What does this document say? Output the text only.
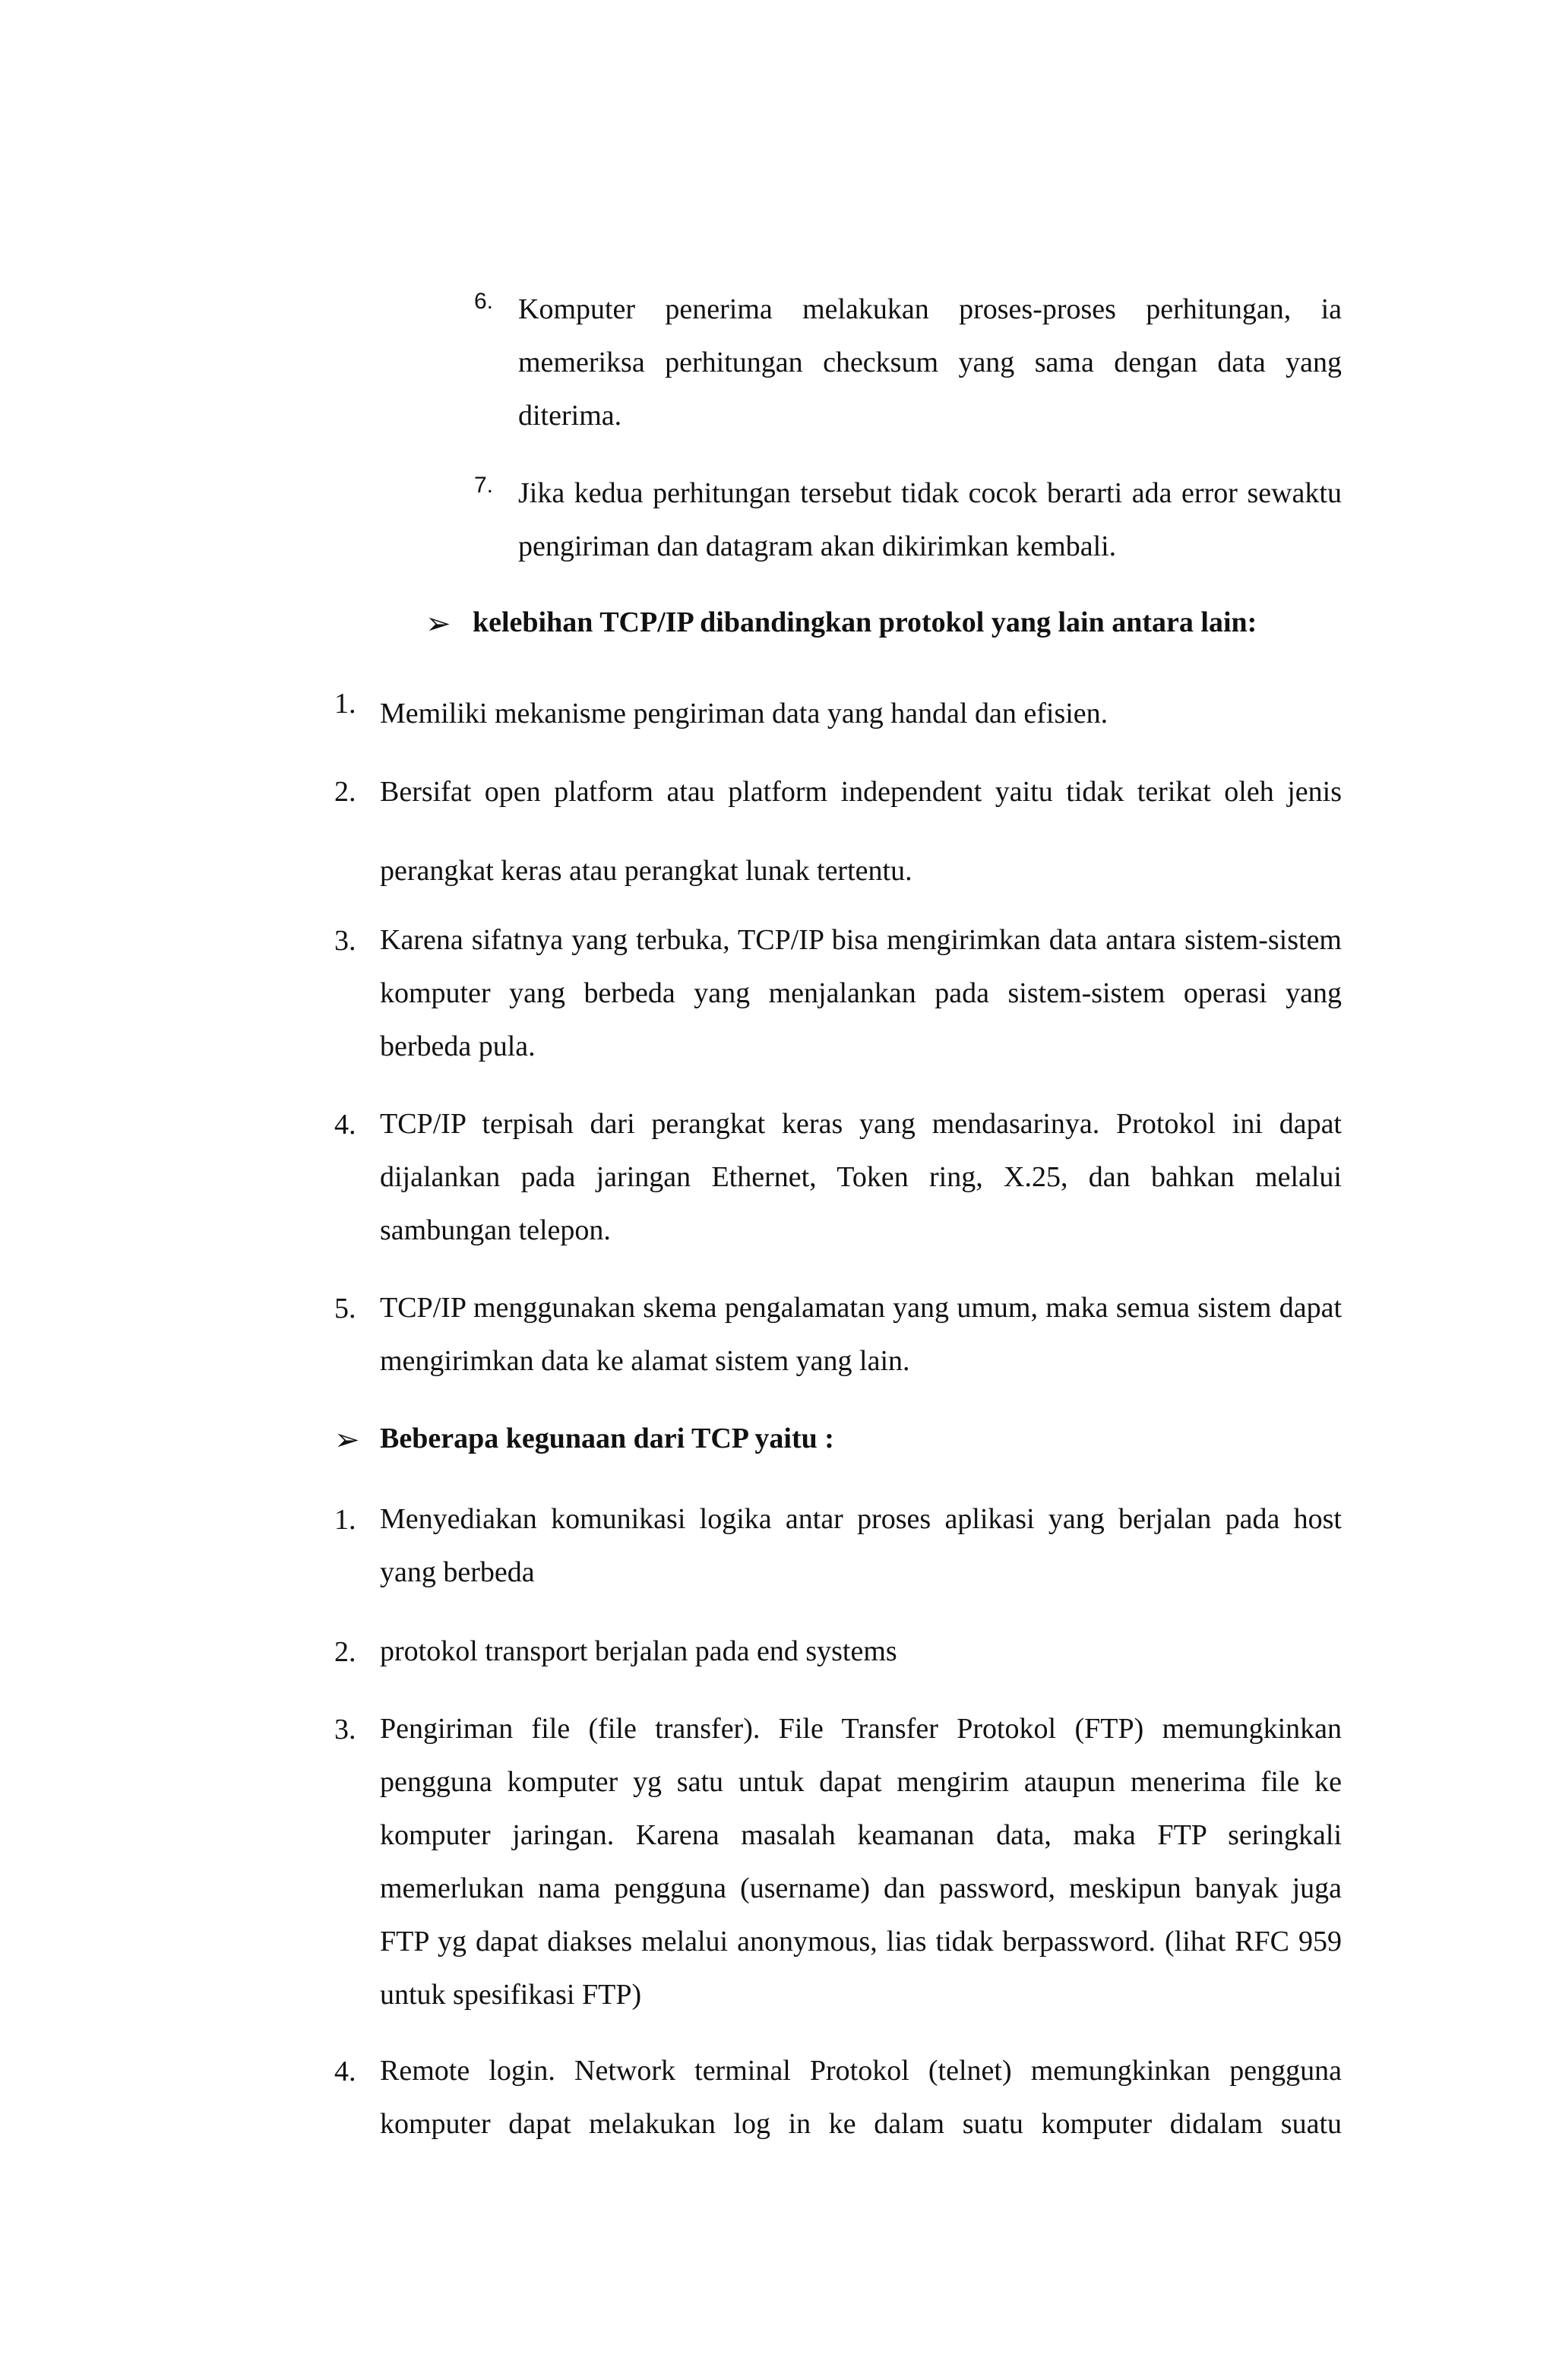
6. Komputer penerima melakukan proses-proses perhitungan, ia memeriksa perhitungan checksum yang sama dengan data yang diterima.
7. Jika kedua perhitungan tersebut tidak cocok berarti ada error sewaktu pengiriman dan datagram akan dikirimkan kembali.
➢ kelebihan TCP/IP dibandingkan protokol yang lain antara lain:
1. Memiliki mekanisme pengiriman data yang handal dan efisien.
2. Bersifat open platform atau platform independent yaitu tidak terikat oleh jenis perangkat keras atau perangkat lunak tertentu.
3. Karena sifatnya yang terbuka, TCP/IP bisa mengirimkan data antara sistem-sistem komputer yang berbeda yang menjalankan pada sistem-sistem operasi yang berbeda pula.
4. TCP/IP terpisah dari perangkat keras yang mendasarinya. Protokol ini dapat dijalankan pada jaringan Ethernet, Token ring, X.25, dan bahkan melalui sambungan telepon.
5. TCP/IP menggunakan skema pengalamatan yang umum, maka semua sistem dapat mengirimkan data ke alamat sistem yang lain.
➢ Beberapa kegunaan dari TCP yaitu :
1. Menyediakan komunikasi logika antar proses aplikasi yang berjalan pada host yang berbeda
2. protokol transport berjalan pada end systems
3. Pengiriman file (file transfer). File Transfer Protokol (FTP) memungkinkan pengguna komputer yg satu untuk dapat mengirim ataupun menerima file ke komputer jaringan. Karena masalah keamanan data, maka FTP seringkali memerlukan nama pengguna (username) dan password, meskipun banyak juga FTP yg dapat diakses melalui anonymous, lias tidak berpassword. (lihat RFC 959 untuk spesifikasi FTP)
4. Remote login. Network terminal Protokol (telnet) memungkinkan pengguna komputer dapat melakukan log in ke dalam suatu komputer didalam suatu
